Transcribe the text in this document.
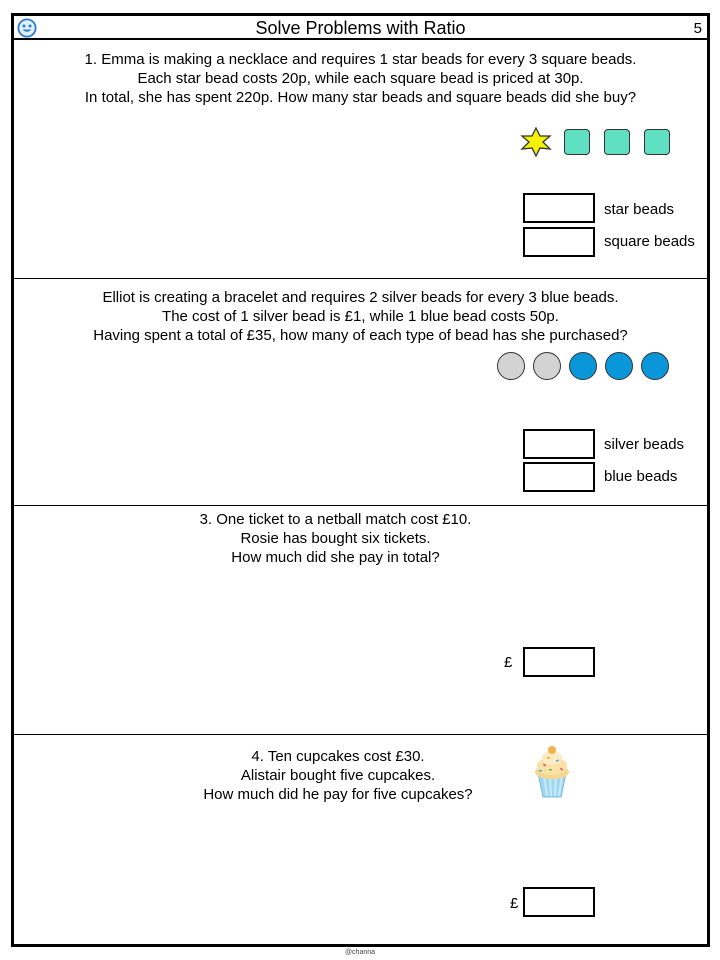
Solve Problems with Ratio	5

1. Emma is making a necklace and requires 1 star beads for every 3 square beads.

Each star bead costs 20p, while each square bead is priced at 30p.

In total, she has spent 220p. How many star beads and square beads did she buy?

star beads
square beads

Elliot is creating a bracelet and requires 2 silver beads for every 3 blue beads.

The cost of 1 silver bead is £1, while 1 blue bead costs 50p.

Having spent a total of £35, how many of each type of bead has she purchased?

silver beads
blue beads

3. One ticket to a netball match cost £10.

Rosie has bought six tickets.

How much did she pay in total?

£

4. Ten cupcakes cost £30.

Alistair bought five cupcakes.

How much did he pay for five cupcakes?

£
@channa
